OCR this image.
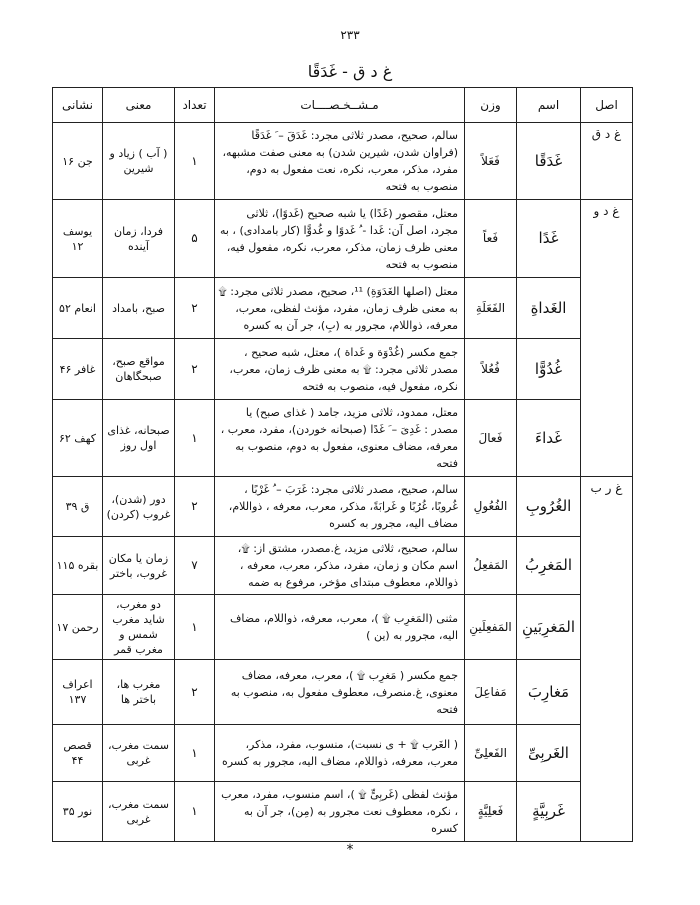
۲۳۳
غ د ق - غَدَقًا
اصل	اسم	وزن	مـشــخـصــــات	تعداد	معنی	نشانی
غ د ق	غَدَقًا	فَعَلاً	سالم، صحیح، مصدر ثلاثی مجرد: غَدَقَ – َ غَدَقًا (فراوان شدن، شیرین شدن) به معنی صفت مشبهه، مفرد، مذکر، معرب، نکره، نعت مفعول به دوم، منصوب به فتحه	۱	( آب ) زیاد و شیرین	جن ۱۶
غ د و	غَدًا	فَعاً	معتل، مقصور (غَدًا) یا شبه صحیح (غَدوًا)، ثلاثی مجرد، اصل آن: غَدا - ُ غَدوًا و غُدوًّا (کار بامدادی) ، به معنی ظرف زمان، مذکر، معرب، نکره، مفعول فیه، منصوب به فتحه	۵	فردا، زمان آینده	یوسف ۱۲
	الغَداةِ	الفَعَلَةِ	معتل (اصلها الغَدَوَةِ) ¹¹، صحیح، مصدر ثلاثی مجرد: ۩ به معنی ظرف زمان، مفرد، مؤنث لفظی، معرب، معرفه، ذواللام، مجرور به (بِ)، جر آن به کسره	۲	صبح، بامداد	انعام ۵۲
	غُدُوًّا	فُعُلاً	جمع مکسر (غُدْوَة و غَداة )، معتل، شبه صحیح ، مصدر ثلاثی مجرد: ۩ به معنی ظرف زمان، معرب، نکره، مفعول فیه، منصوب به فتحه	۲	مواقع صبح، صبحگاهان	غافر ۴۶
	غَداءَ	فَعالَ	معتل، ممدود، ثلاثی مزید، جامد ( غذای صبح) یا مصدر : غَدِیَ – َ غَدًا (صبحانه خوردن)، مفرد، معرب ، معرفه، مضاف معنوی، مفعول به دوم، منصوب به فتحه	۱	صبحانه، غذای اول روز	کهف ۶۲
غ ر ب	الغُرُوبِ	الفُعُولِ	سالم، صحیح، مصدر ثلاثی مجرد: غَرَبَ – ُ غَرْبًا ، غُروبًا، غُرُبًا و غَرابَةً، مذکر، معرب، معرفه ، ذواللام، مضاف الیه، مجرور به کسره	۲	دور (شدن)، غروب (کردن)	ق ۳۹
	المَغرِبُ	المَفعِلُ	سالم، صحیح، ثلاثی مزید، غ.مصدر، مشتق از: ۩، اسم مکان و زمان، مفرد، مذکر، معرب، معرفه ، ذواللام، معطوف مبتدای مؤخر، مرفوع به ضمه	۷	زمان یا مکان غروب، باختر	بقره ۱۱۵
	المَغرِبَینِ	المَفعِلَینِ	مثنی (المَغرِب ۩ )، معرب، معرفه، ذواللام، مضاف الیه، مجرور به (ین )	۱	دو مغرب، شاید مغرب شمس و مغرب قمر	رحمن ۱۷
	مَغارِبَ	مَفاعِلَ	جمع مکسر ( مَغرِب ۩ )، معرب، معرفه، مضاف معنوی، غ.منصرف، معطوف مفعول به، منصوب به فتحه	۲	مغرب ها، باختر ها	اعراف ۱۳۷
	الغَربِیِّ	الفَعلِیِّ	( الغَرب ۩ + ی نسبت)، منسوب، مفرد، مذکر، معرب، معرفه، ذواللام، مضاف الیه، مجرور به کسره	۱	سمت مغرب، غربی	قصص ۴۴
	غَربِیَّةٍ	فَعلِیَّةٍ	مؤنث لفظی (غَربِیٍّ ۩ )، اسم منسوب، مفرد، معرب ، نکره، معطوف نعت مجرور به (مِن)، جر آن به کسره	۱	سمت مغرب، غربی	نور ۳۵
*
